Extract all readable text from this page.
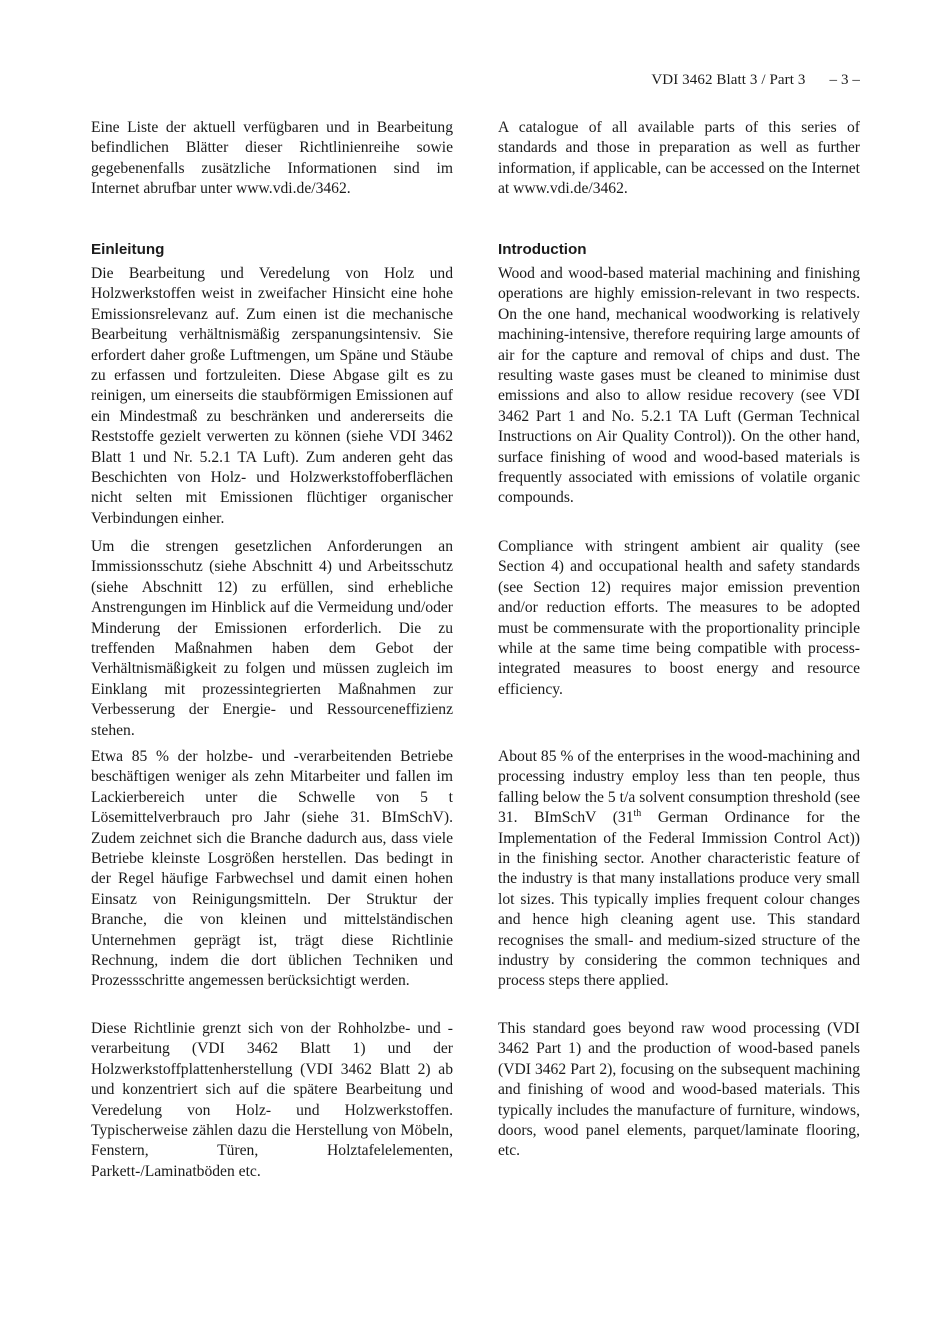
VDI 3462 Blatt 3 / Part 3 – 3 –

Eine Liste der aktuell verfügbaren und in Bearbeitung befindlichen Blätter dieser Richtlinienreihe sowie gegebenenfalls zusätzliche Informationen sind im Internet abrufbar unter www.vdi.de/3462.

Einleitung

Die Bearbeitung und Veredelung von Holz und Holzwerkstoffen weist in zweifacher Hinsicht eine hohe Emissionsrelevanz auf. Zum einen ist die mechanische Bearbeitung verhältnismäßig zerspanungsintensiv. Sie erfordert daher große Luftmengen, um Späne und Stäube zu erfassen und fortzuleiten. Diese Abgase gilt es zu reinigen, um einerseits die staubförmigen Emissionen auf ein Mindestmaß zu beschränken und andererseits die Reststoffe gezielt verwerten zu können (siehe VDI 3462 Blatt 1 und Nr. 5.2.1 TA Luft). Zum anderen geht das Beschichten von Holz- und Holzwerkstoffoberflächen nicht selten mit Emissionen flüchtiger organischer Verbindungen einher.

Um die strengen gesetzlichen Anforderungen an Immissionsschutz (siehe Abschnitt 4) und Arbeitsschutz (siehe Abschnitt 12) zu erfüllen, sind erhebliche Anstrengungen im Hinblick auf die Vermeidung und/oder Minderung der Emissionen erforderlich. Die zu treffenden Maßnahmen haben dem Gebot der Verhältnismäßigkeit zu folgen und müssen zugleich im Einklang mit prozessintegrierten Maßnahmen zur Verbesserung der Energie- und Ressourceneffizienz stehen.

Etwa 85 % der holzbe- und -verarbeitenden Betriebe beschäftigen weniger als zehn Mitarbeiter und fallen im Lackierbereich unter die Schwelle von 5 t Lösemittelverbrauch pro Jahr (siehe 31. BImSchV). Zudem zeichnet sich die Branche dadurch aus, dass viele Betriebe kleinste Losgrößen herstellen. Das bedingt in der Regel häufige Farbwechsel und damit einen hohen Einsatz von Reinigungsmitteln. Der Struktur der Branche, die von kleinen und mittelständischen Unternehmen geprägt ist, trägt diese Richtlinie Rechnung, indem die dort üblichen Techniken und Prozessschritte angemessen berücksichtigt werden.

Diese Richtlinie grenzt sich von der Rohholzbe- und -verarbeitung (VDI 3462 Blatt 1) und der Holzwerkstoffplattenherstellung (VDI 3462 Blatt 2) ab und konzentriert sich auf die spätere Bearbeitung und Veredelung von Holz- und Holzwerkstoffen. Typischerweise zählen dazu die Herstellung von Möbeln, Fenstern, Türen, Holztafelelementen, Parkett-/Laminatböden etc.

A catalogue of all available parts of this series of standards and those in preparation as well as further information, if applicable, can be accessed on the Internet at www.vdi.de/3462.

Introduction

Wood and wood-based material machining and finishing operations are highly emission-relevant in two respects. On the one hand, mechanical woodworking is relatively machining-intensive, therefore requiring large amounts of air for the capture and removal of chips and dust. The resulting waste gases must be cleaned to minimise dust emissions and also to allow residue recovery (see VDI 3462 Part 1 and No. 5.2.1 TA Luft (German Technical Instructions on Air Quality Control)). On the other hand, surface finishing of wood and wood-based materials is frequently associated with emissions of volatile organic compounds.

Compliance with stringent ambient air quality (see Section 4) and occupational health and safety standards (see Section 12) requires major emission prevention and/or reduction efforts. The measures to be adopted must be commensurate with the proportionality principle while at the same time being compatible with process-integrated measures to boost energy and resource efficiency.

About 85 % of the enterprises in the wood-machining and processing industry employ less than ten people, thus falling below the 5 t/a solvent consumption threshold (see 31. BImSchV (31th German Ordinance for the Implementation of the Federal Immission Control Act)) in the finishing sector. Another characteristic feature of the industry is that many installations produce very small lot sizes. This typically implies frequent colour changes and hence high cleaning agent use. This standard recognises the small- and medium-sized structure of the industry by considering the common techniques and process steps there applied.

This standard goes beyond raw wood processing (VDI 3462 Part 1) and the production of wood-based panels (VDI 3462 Part 2), focusing on the subsequent machining and finishing of wood and wood-based materials. This typically includes the manufacture of furniture, windows, doors, wood panel elements, parquet/laminate flooring, etc.
